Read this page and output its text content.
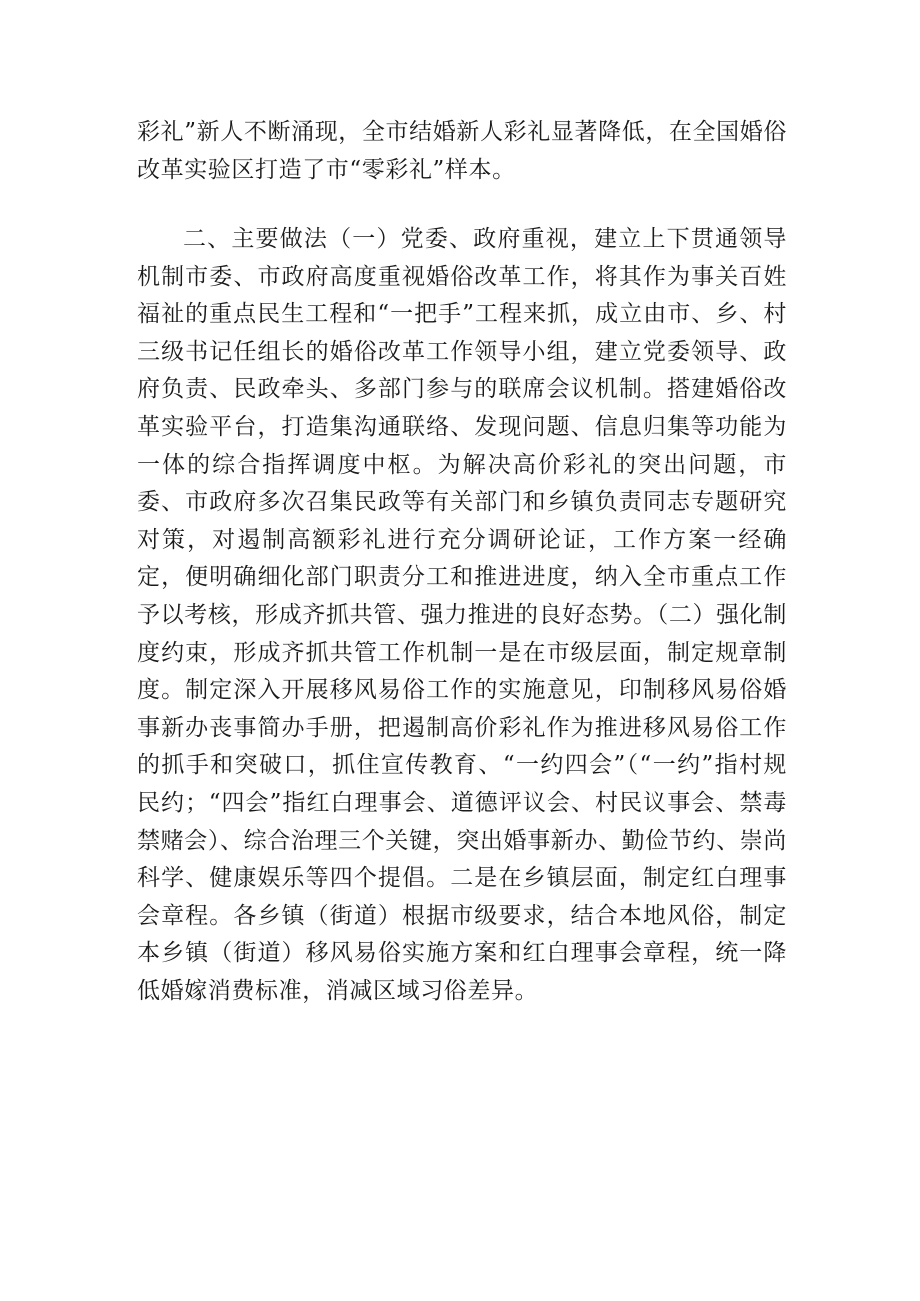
彩礼”新人不断涌现，全市结婚新人彩礼显著降低，在全国婚俗改革实验区打造了市“零彩礼”样本。

二、主要做法（一）党委、政府重视，建立上下贯通领导机制市委、市政府高度重视婚俗改革工作，将其作为事关百姓福祉的重点民生工程和“一把手”工程来抓，成立由市、乡、村三级书记任组长的婚俗改革工作领导小组，建立党委领导、政府负责、民政牵头、多部门参与的联席会议机制。搭建婚俗改革实验平台，打造集沟通联络、发现问题、信息归集等功能为一体的综合指挥调度中枢。为解决高价彩礼的突出问题，市委、市政府多次召集民政等有关部门和乡镇负责同志专题研究对策，对遏制高额彩礼进行充分调研论证，工作方案一经确定，便明确细化部门职责分工和推进进度，纳入全市重点工作予以考核，形成齐抓共管、强力推进的良好态势。（二）强化制度约束，形成齐抓共管工作机制一是在市级层面，制定规章制度。制定深入开展移风易俗工作的实施意见，印制移风易俗婚事新办丧事简办手册，把遏制高价彩礼作为推进移风易俗工作的抓手和突破口，抓住宣传教育、“一约四会”（“一约”指村规民约；“四会”指红白理事会、道德评议会、村民议事会、禁毒禁赌会）、综合治理三个关键，突出婚事新办、勤俭节约、崇尚科学、健康娱乐等四个提倡。二是在乡镇层面，制定红白理事会章程。各乡镇（街道）根据市级要求，结合本地风俗，制定本乡镇（街道）移风易俗实施方案和红白理事会章程，统一降低婚嫁消费标准，消减区域习俗差异。
